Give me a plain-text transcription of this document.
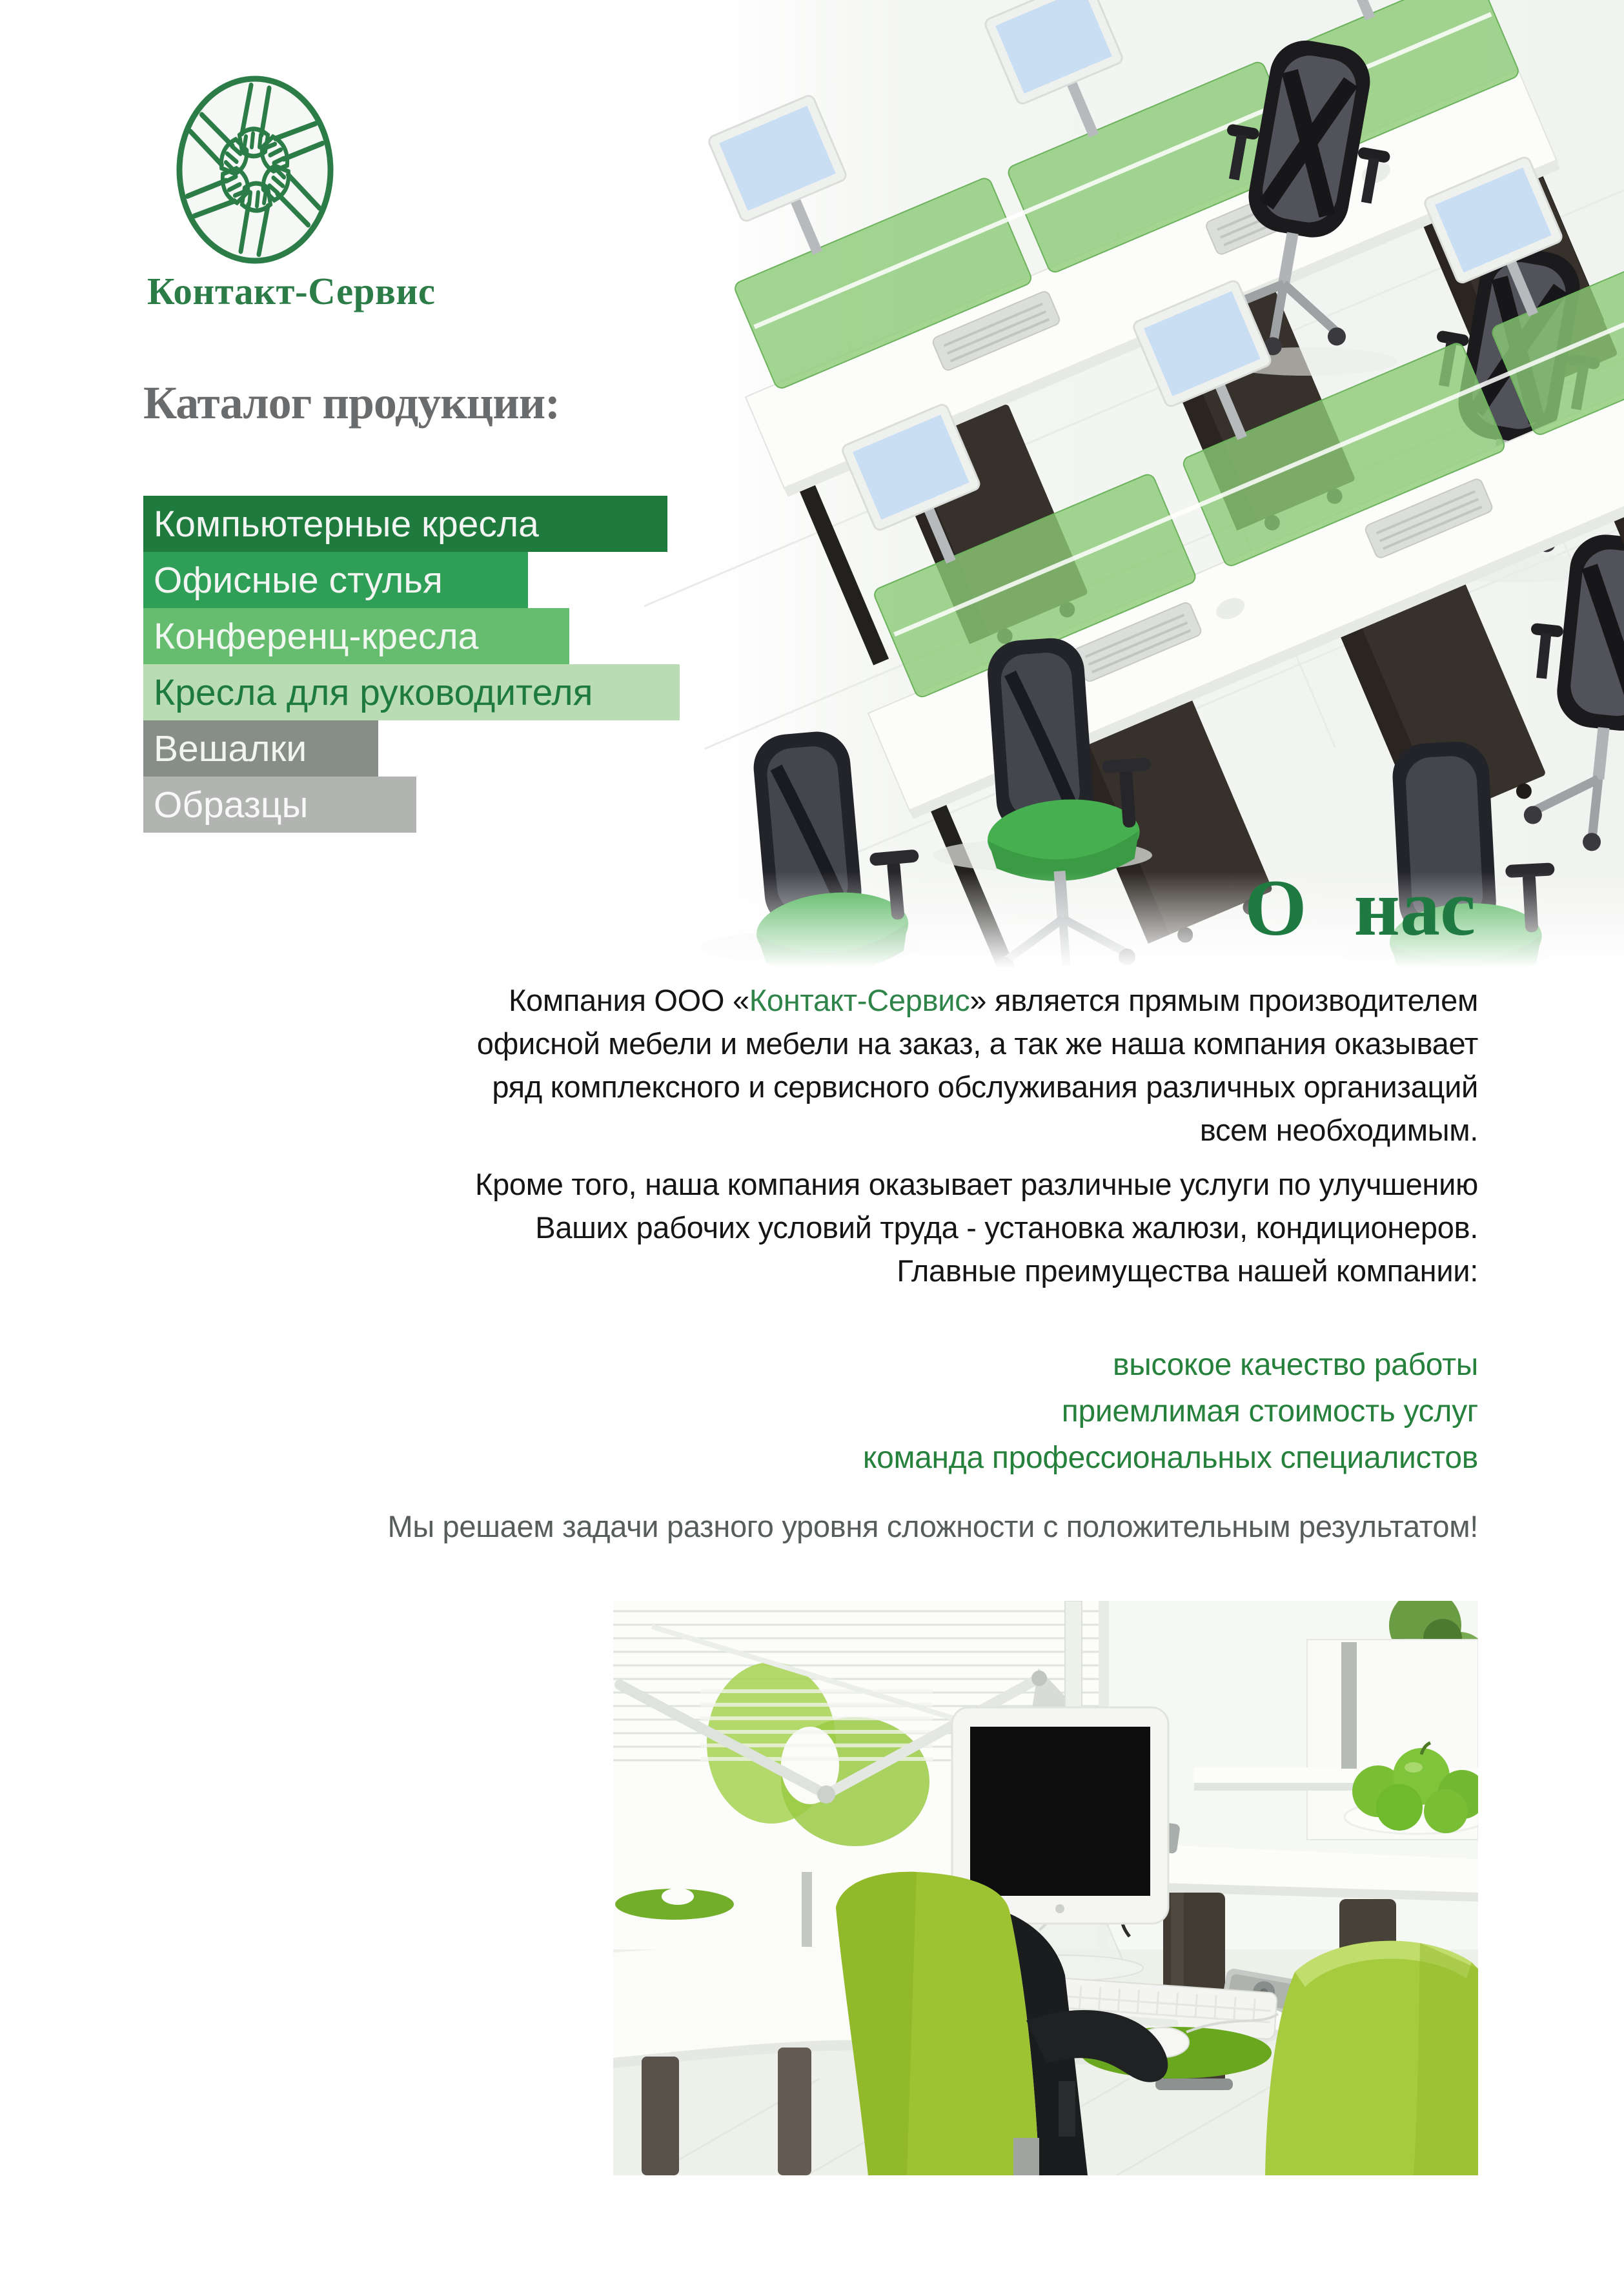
Контакт-Сервис
Каталог продукции:
Компьютерные кресла
Офисные стулья
Конференц-кресла
Кресла для руководителя
Вешалки
Образцы
О нас
Компания ООО «Контакт-Сервис» является прямым производителем
офисной мебели и мебели на заказ, а так же наша компания оказывает
ряд комплексного и сервисного обслуживания различных организаций
всем необходимым.
Кроме того, наша компания оказывает различные услуги по улучшению
Ваших рабочих условий труда - установка жалюзи, кондиционеров.
Главные преимущества нашей компании:
высокое качество работы
приемлимая стоимость услуг
команда профессиональных специалистов
Мы решаем задачи разного уровня сложности с положительным результатом!
